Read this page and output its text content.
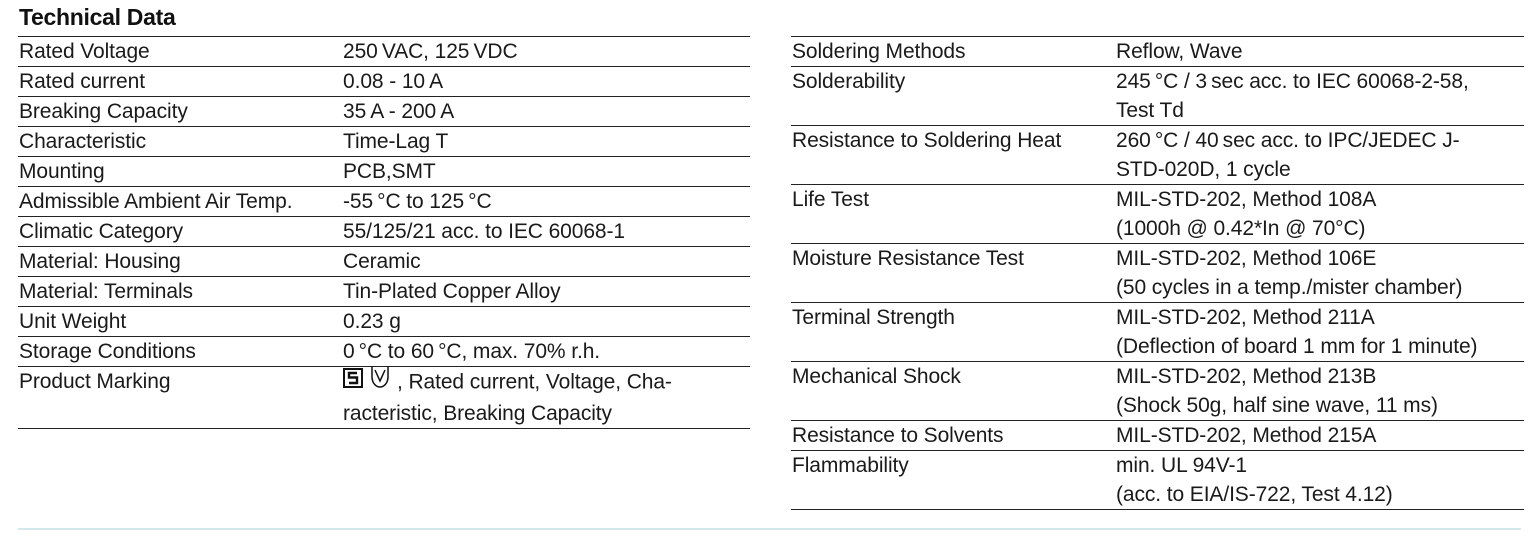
Technical Data
Rated Voltage	250 VAC, 125 VDC
Rated current	0.08 - 10 A
Breaking Capacity	35 A - 200 A
Characteristic	Time-Lag T
Mounting	PCB,SMT
Admissible Ambient Air Temp.	-55 °C to 125 °C
Climatic Category	55/125/21 acc. to IEC 60068-1
Material: Housing	Ceramic
Material: Terminals	Tin-Plated Copper Alloy
Unit Weight	0.23 g
Storage Conditions	0 °C to 60 °C, max. 70% r.h.
Product Marking	, Rated current, Voltage, Cha-
racteristic, Breaking Capacity
Soldering Methods	Reflow, Wave
Solderability	245 °C / 3 sec acc. to IEC 60068-2-58,
Test Td
Resistance to Soldering Heat	260 °C / 40 sec acc. to IPC/JEDEC J-
STD-020D, 1 cycle
Life Test	MIL-STD-202, Method 108A
(1000h @ 0.42*In @ 70°C)
Moisture Resistance Test	MIL-STD-202, Method 106E
(50 cycles in a temp./mister chamber)
Terminal Strength	MIL-STD-202, Method 211A
(Deflection of board 1 mm for 1 minute)
Mechanical Shock	MIL-STD-202, Method 213B
(Shock 50g, half sine wave, 11 ms)
Resistance to Solvents	MIL-STD-202, Method 215A
Flammability	min. UL 94V-1
(acc. to EIA/IS-722, Test 4.12)
